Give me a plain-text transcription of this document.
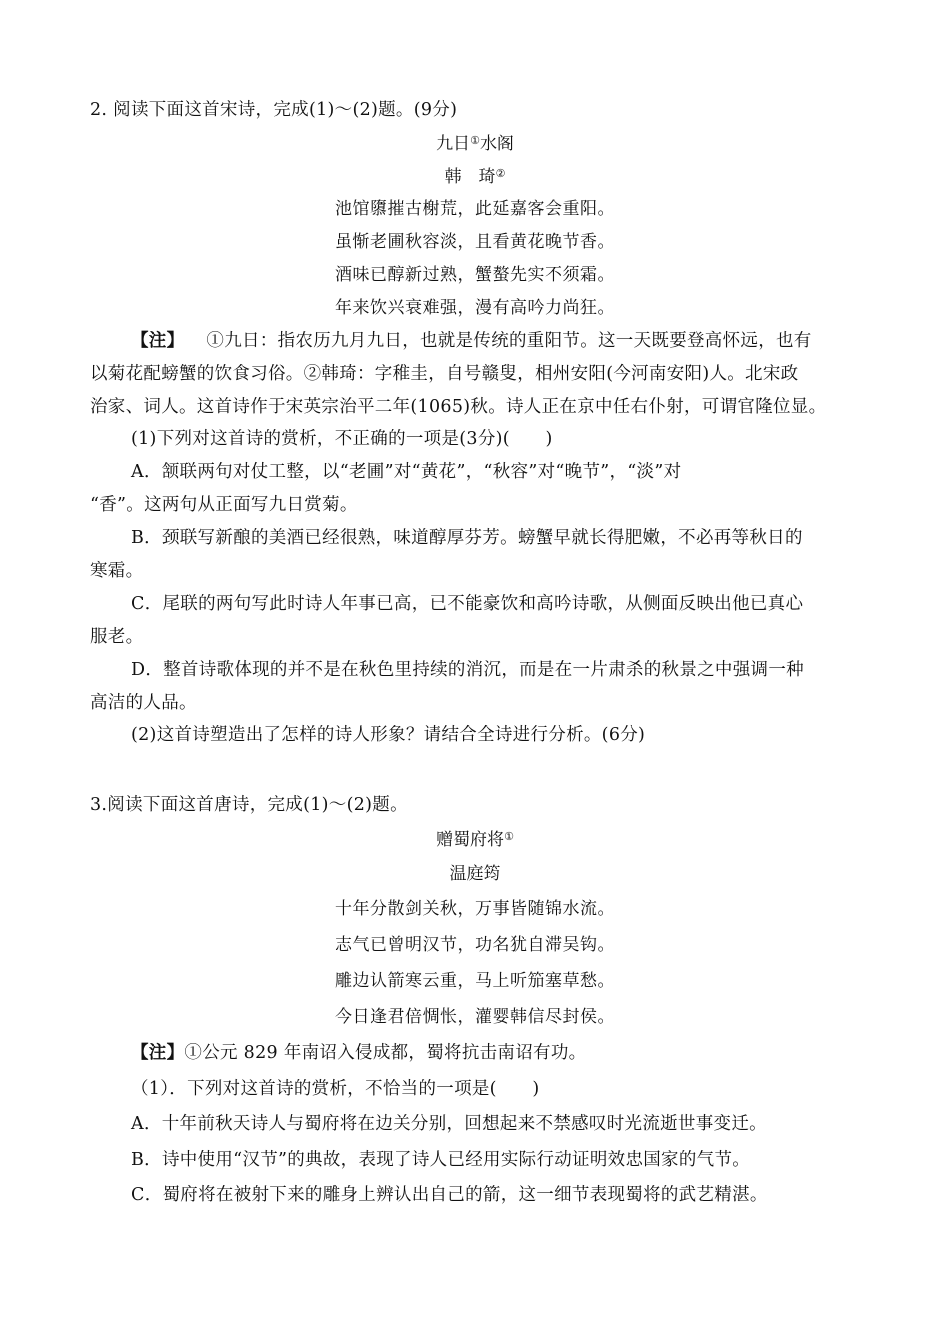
2. 阅读下面这首宋诗，完成(1)～(2)题。(9分)
九日①水阁
韩　琦②
池馆隳摧古榭荒，此延嘉客会重阳。
虽惭老圃秋容淡，且看黄花晚节香。
酒味已醇新过熟，蟹螯先实不须霜。
年来饮兴衰难强，漫有高吟力尚狂。
【注】 ①九日：指农历九月九日，也就是传统的重阳节。这一天既要登高怀远，也有
以菊花配螃蟹的饮食习俗。②韩琦：字稚圭，自号赣叟，相州安阳(今河南安阳)人。北宋政
治家、词人。这首诗作于宋英宗治平二年(1065)秋。诗人正在京中任右仆射，可谓官隆位显。
(1)下列对这首诗的赏析，不正确的一项是(3分)(　　)
A．颔联两句对仗工整，以“老圃”对“黄花”，“秋容”对“晚节”，“淡”对
“香”。这两句从正面写九日赏菊。
B．颈联写新酿的美酒已经很熟，味道醇厚芬芳。螃蟹早就长得肥嫩，不必再等秋日的
寒霜。
C．尾联的两句写此时诗人年事已高，已不能豪饮和高吟诗歌，从侧面反映出他已真心
服老。
D．整首诗歌体现的并不是在秋色里持续的消沉，而是在一片肃杀的秋景之中强调一种
高洁的人品。
(2)这首诗塑造出了怎样的诗人形象？请结合全诗进行分析。(6分)
3.阅读下面这首唐诗，完成(1)～(2)题。
赠蜀府将①
温庭筠
十年分散剑关秋，万事皆随锦水流。
志气已曾明汉节，功名犹自滞吴钩。
雕边认箭寒云重，马上听笳塞草愁。
今日逢君倍惆怅，灌婴韩信尽封侯。
【注】①公元 829 年南诏入侵成都，蜀将抗击南诏有功。
（1）．下列对这首诗的赏析，不恰当的一项是(　　)
A．十年前秋天诗人与蜀府将在边关分别，回想起来不禁感叹时光流逝世事变迁。
B．诗中使用“汉节”的典故，表现了诗人已经用实际行动证明效忠国家的气节。
C．蜀府将在被射下来的雕身上辨认出自己的箭，这一细节表现蜀将的武艺精湛。
